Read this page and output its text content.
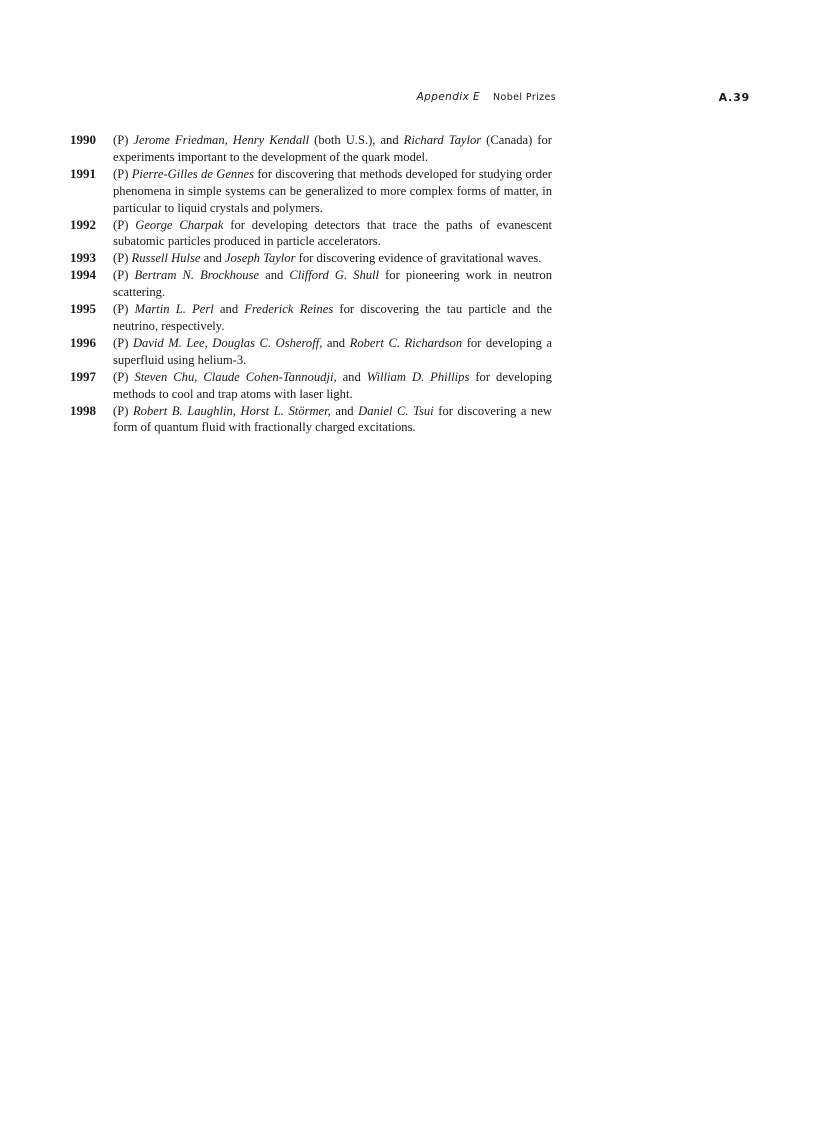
Appendix E Nobel Prizes	A.39
1990	(P) Jerome Friedman, Henry Kendall (both U.S.), and Richard Taylor (Canada) for experiments important to the development of the quark model.
1991	(P) Pierre-Gilles de Gennes for discovering that methods developed for studying order phenomena in simple systems can be generalized to more complex forms of matter, in particular to liquid crystals and polymers.
1992	(P) George Charpak for developing detectors that trace the paths of evanescent subatomic particles produced in particle accelerators.
1993	(P) Russell Hulse and Joseph Taylor for discovering evidence of gravitational waves.
1994	(P) Bertram N. Brockhouse and Clifford G. Shull for pioneering work in neutron scattering.
1995	(P) Martin L. Perl and Frederick Reines for discovering the tau particle and the neutrino, respectively.
1996	(P) David M. Lee, Douglas C. Osheroff, and Robert C. Richardson for developing a superfluid using helium-3.
1997	(P) Steven Chu, Claude Cohen-Tannoudji, and William D. Phillips for developing methods to cool and trap atoms with laser light.
1998	(P) Robert B. Laughlin, Horst L. Störmer, and Daniel C. Tsui for discovering a new form of quantum fluid with fractionally charged excitations.
